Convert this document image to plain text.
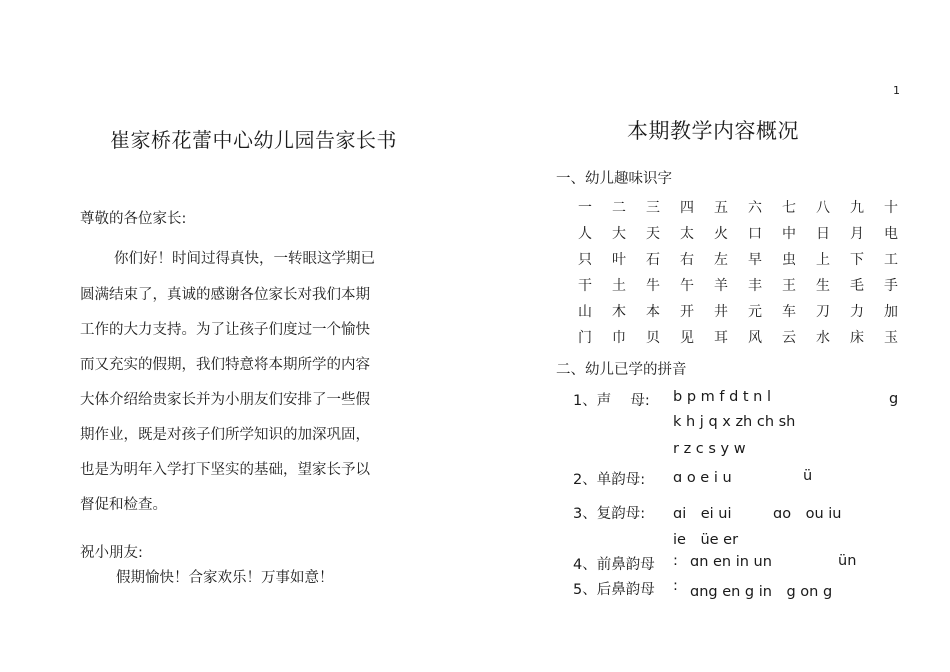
1
崔家桥花蕾中心幼儿园告家长书
尊敬的各位家长:
你们好！时间过得真快，一转眼这学期已
圆满结束了，真诚的感谢各位家长对我们本期
工作的大力支持。为了让孩子们度过一个愉快
而又充实的假期，我们特意将本期所学的内容
大体介绍给贵家长并为小朋友们安排了一些假
期作业，既是对孩子们所学知识的加深巩固，
也是为明年入学打下坚实的基础，望家长予以
督促和检查。
祝小朋友:
假期愉快！合家欢乐！万事如意！
本期教学内容概况
一、幼儿趣味识字
一	二	三	四	五	六	七	八	九	十
人	大	天	太	火	口	中	日	月	电
只	叶	石	右	左	早	虫	上	下	工
干	土	牛	午	羊	丰	王	生	毛	手
山	木	本	开	井	元	车	刀	力	加
门	巾	贝	见	耳	风	云	水	床	玉
二、幼儿已学的拼音
1、声　 母: b p m f d t n l	g
k h j q x zh ch sh
r z c s y w
2、单韵母: ɑ o e i u	ü
3、复韵母: ɑi　ei ui	ɑo　ou iu
ie　üe er
4、前鼻韵母 : ɑn en in un	ün
5、后鼻韵母 : ɑng en g in　g on g
